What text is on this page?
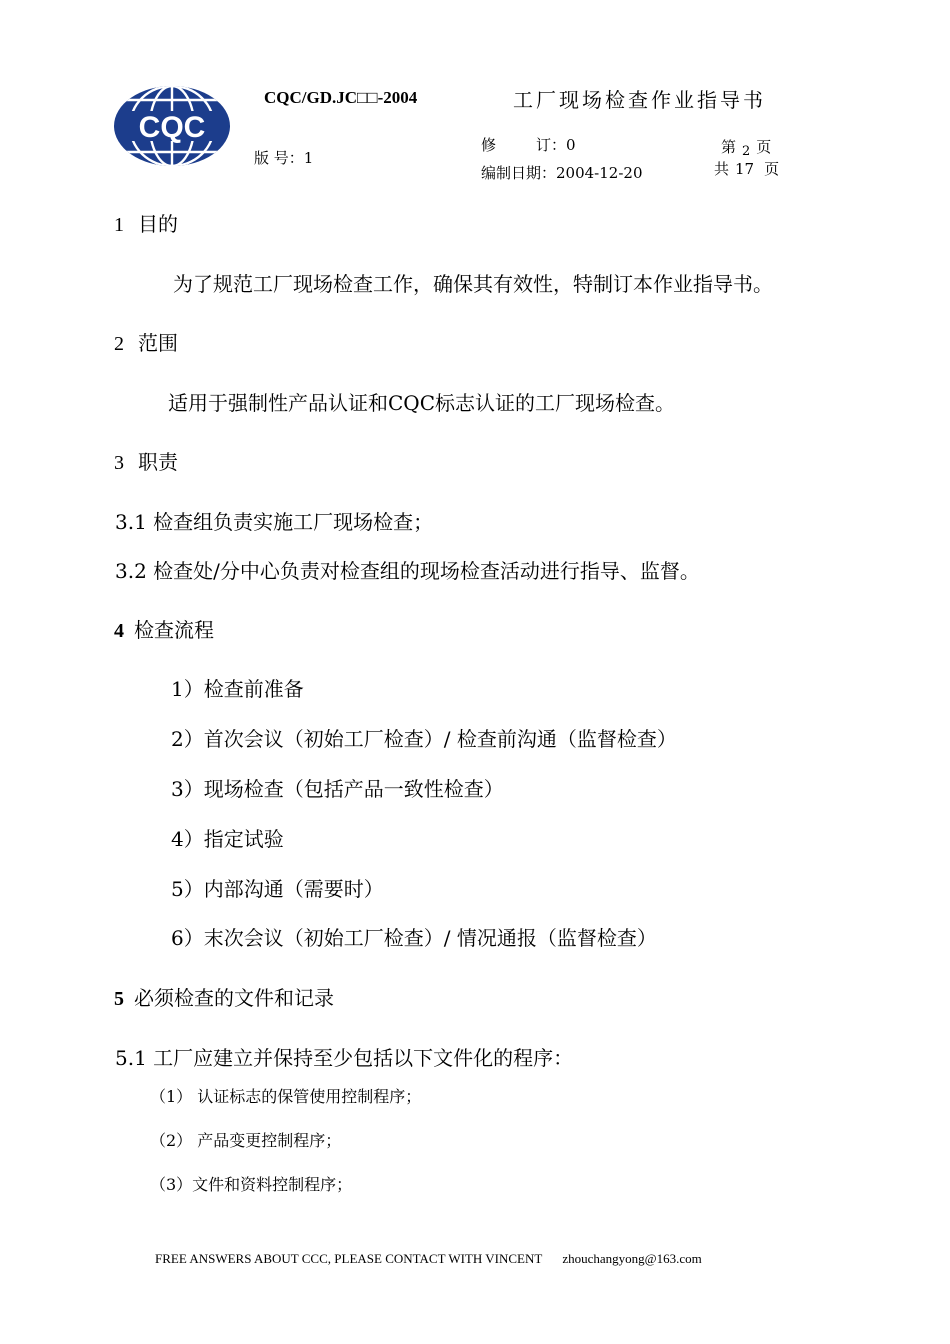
CQC
CQC/GD.JC□□-2004	工厂现场检查作业指导书
版 号：1
修	订：0
编制日期：2004-12-20
第 2 页
共 17 页
1 目的
为了规范工厂现场检查工作，确保其有效性，特制订本作业指导书。
2 范围
适用于强制性产品认证和CQC标志认证的工厂现场检查。
3 职责
3.1 检查组负责实施工厂现场检查；
3.2 检查处/分中心负责对检查组的现场检查活动进行指导、监督。
4 检查流程
1）检查前准备
2）首次会议（初始工厂检查）/ 检查前沟通（监督检查）
3）现场检查（包括产品一致性检查）
4）指定试验
5）内部沟通（需要时）
6）末次会议（初始工厂检查）/ 情况通报（监督检查）
5 必须检查的文件和记录
5.1 工厂应建立并保持至少包括以下文件化的程序：
（1） 认证标志的保管使用控制程序；
（2） 产品变更控制程序；
（3）文件和资料控制程序；
FREE ANSWERS ABOUT CCC, PLEASE CONTACT WITH VINCENT zhouchangyong@163.com
